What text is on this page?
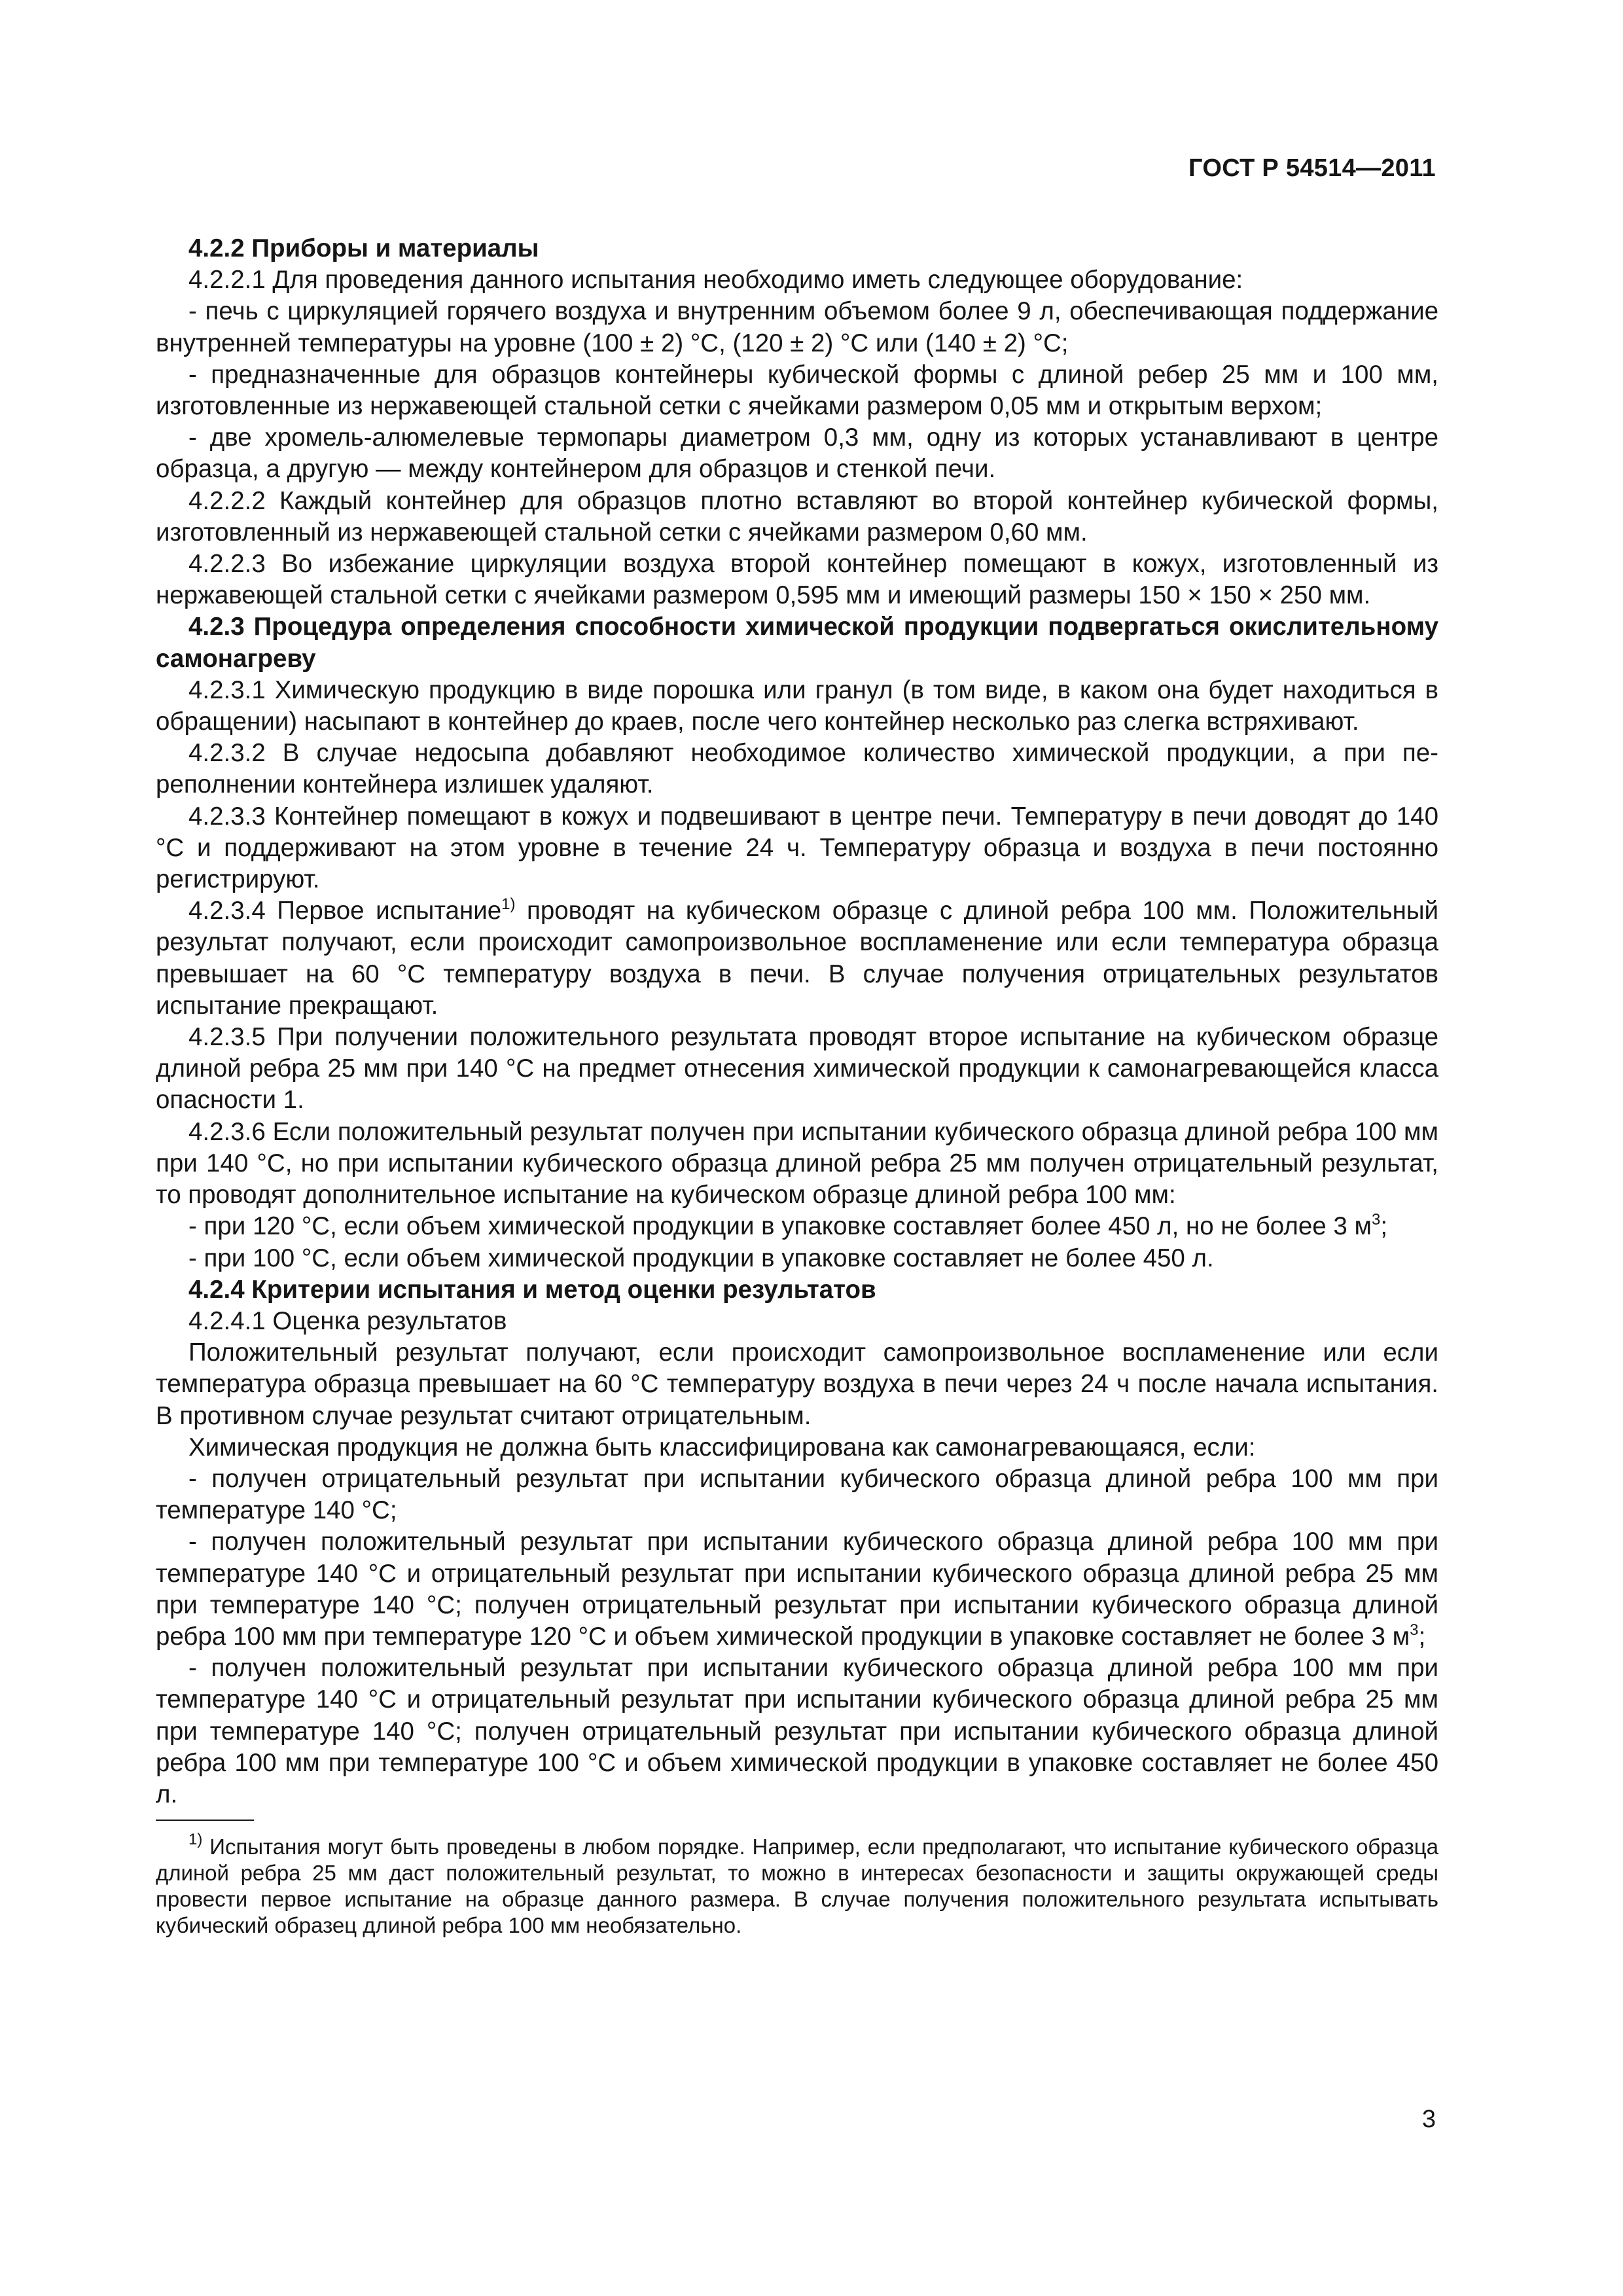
ГОСТ Р 54514—2011

4.2.2 Приборы и материалы

4.2.2.1 Для проведения данного испытания необходимо иметь следующее оборудование:

- печь с циркуляцией горячего воздуха и внутренним объемом более 9 л, обеспечивающая поддержание внутренней температуры на уровне (100 ± 2) °С, (120 ± 2) °С или (140 ± 2) °С;

- предназначенные для образцов контейнеры кубической формы с длиной ребер 25 мм и 100 мм, изготовленные из нержавеющей стальной сетки с ячейками размером 0,05 мм и открытым верхом;

- две хромель-алюмелевые термопары диаметром 0,3 мм, одну из которых устанавливают в центре образца, а другую — между контейнером для образцов и стенкой печи.

4.2.2.2 Каждый контейнер для образцов плотно вставляют во второй контейнер кубической формы, изготовленный из нержавеющей стальной сетки с ячейками размером 0,60 мм.

4.2.2.3 Во избежание циркуляции воздуха второй контейнер помещают в кожух, изготовленный из нержавеющей стальной сетки с ячейками размером 0,595 мм и имеющий размеры 150 × 150 × 250 мм.

4.2.3 Процедура определения способности химической продукции подвергаться окислительному самонагреву

4.2.3.1 Химическую продукцию в виде порошка или гранул (в том виде, в каком она будет находиться в обращении) насыпают в контейнер до краев, после чего контейнер несколько раз слегка встряхивают.

4.2.3.2 В случае недосыпа добавляют необходимое количество химической продукции, а при переполнении контейнера излишек удаляют.

4.2.3.3 Контейнер помещают в кожух и подвешивают в центре печи. Температуру в печи доводят до 140 °С и поддерживают на этом уровне в течение 24 ч. Температуру образца и воздуха в печи постоянно регистрируют.

4.2.3.4 Первое испытание$^{1)}$ проводят на кубическом образце с длиной ребра 100 мм. Положительный результат получают, если происходит самопроизвольное воспламенение или если температура образца превышает на 60 °С температуру воздуха в печи. В случае получения отрицательных результатов испытание прекращают.

4.2.3.5 При получении положительного результата проводят второе испытание на кубическом образце длиной ребра 25 мм при 140 °С на предмет отнесения химической продукции к самонагревающейся класса опасности 1.

4.2.3.6 Если положительный результат получен при испытании кубического образца длиной ребра 100 мм при 140 °С, но при испытании кубического образца длиной ребра 25 мм получен отрицательный результат, то проводят дополнительное испытание на кубическом образце длиной ребра 100 мм:

- при 120 °С, если объем химической продукции в упаковке составляет более 450 л, но не более 3 $м^3$;

- при 100 °С, если объем химической продукции в упаковке составляет не более 450 л.

4.2.4 Критерии испытания и метод оценки результатов

4.2.4.1 Оценка результатов

Положительный результат получают, если происходит самопроизвольное воспламенение или если температура образца превышает на 60 °С температуру воздуха в печи через 24 ч после начала испытания. В противном случае результат считают отрицательным.

Химическая продукция не должна быть классифицирована как самонагревающаяся, если:

- получен отрицательный результат при испытании кубического образца длиной ребра 100 мм при температуре 140 °С;

- получен положительный результат при испытании кубического образца длиной ребра 100 мм при температуре 140 °С и отрицательный результат при испытании кубического образца длиной ребра 25 мм при температуре 140 °С; получен отрицательный результат при испытании кубического образца длиной ребра 100 мм при температуре 120 °С и объем химической продукции в упаковке составляет не более 3 $м^3$;

- получен положительный результат при испытании кубического образца длиной ребра 100 мм при температуре 140 °С и отрицательный результат при испытании кубического образца длиной ребра 25 мм при температуре 140 °С; получен отрицательный результат при испытании кубического образца длиной ребра 100 мм при температуре 100 °С и объем химической продукции в упаковке составляет не более 450 л.

$^{1)}$ Испытания могут быть проведены в любом порядке. Например, если предполагают, что испытание кубического образца длиной ребра 25 мм даст положительный результат, то можно в интересах безопасности и защиты окружающей среды провести первое испытание на образце данного размера. В случае получения положительного результата испытывать кубический образец длиной ребра 100 мм необязательно.

3
